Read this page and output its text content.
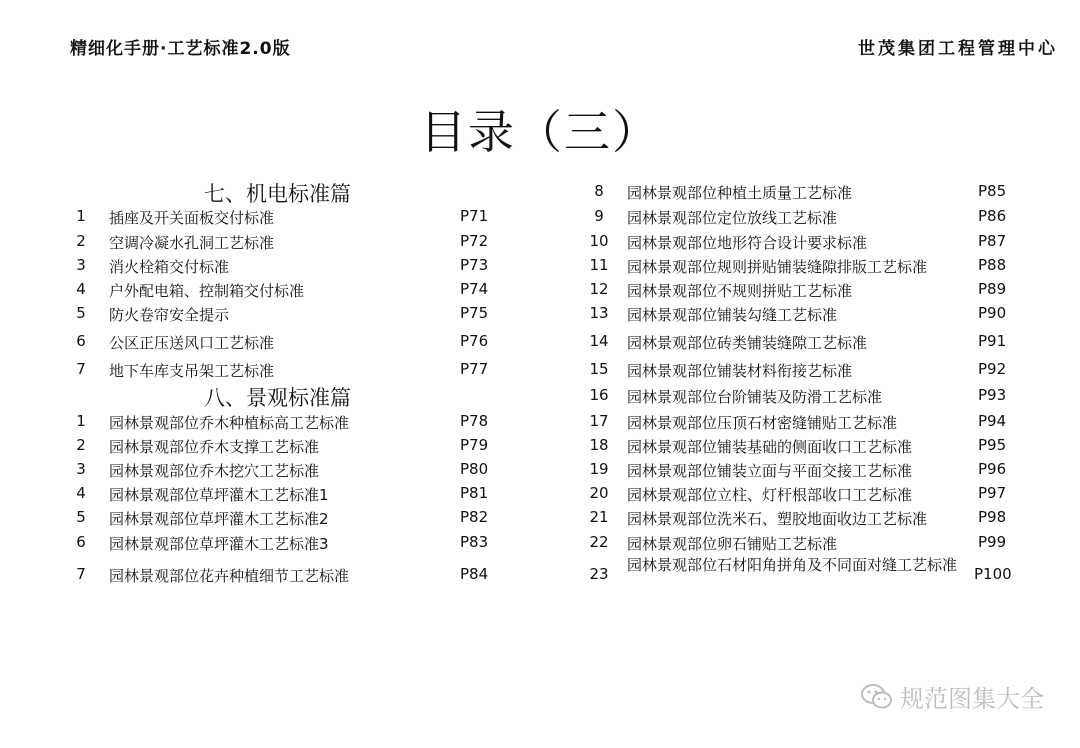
精细化手册·工艺标准2.0版	世茂集团工程管理中心
目录（三）
七、机电标准篇
1	插座及开关面板交付标准	P71
2	空调冷凝水孔洞工艺标准	P72
3	消火栓箱交付标准	P73
4	户外配电箱、控制箱交付标准	P74
5	防火卷帘安全提示	P75
6	公区正压送风口工艺标准	P76
7	地下车库支吊架工艺标准	P77
八、景观标准篇
1	园林景观部位乔木种植标高工艺标准	P78
2	园林景观部位乔木支撑工艺标准	P79
3	园林景观部位乔木挖穴工艺标准	P80
4	园林景观部位草坪灌木工艺标准1	P81
5	园林景观部位草坪灌木工艺标准2	P82
6	园林景观部位草坪灌木工艺标准3	P83
7	园林景观部位花卉种植细节工艺标准	P84
8	园林景观部位种植土质量工艺标准	P85
9	园林景观部位定位放线工艺标准	P86
10 园林景观部位地形符合设计要求标准	P87
11 园林景观部位规则拼贴铺装缝隙排版工艺标准	P88
12 园林景观部位不规则拼贴工艺标准	P89
13 园林景观部位铺装勾缝工艺标准	P90
14 园林景观部位砖类铺装缝隙工艺标准	P91
15 园林景观部位铺装材料衔接艺标准	P92
16 园林景观部位台阶铺装及防滑工艺标准	P93
17 园林景观部位压顶石材密缝铺贴工艺标准	P94
18 园林景观部位铺装基础的侧面收口工艺标准	P95
19 园林景观部位铺装立面与平面交接工艺标准	P96
20 园林景观部位立柱、灯杆根部收口工艺标准	P97
21 园林景观部位洗米石、塑胶地面收边工艺标准	P98
22 园林景观部位卵石铺贴工艺标准	P99
23 园林景观部位石材阳角拼角及不同面对缝工艺标准	P100
规范图集大全
